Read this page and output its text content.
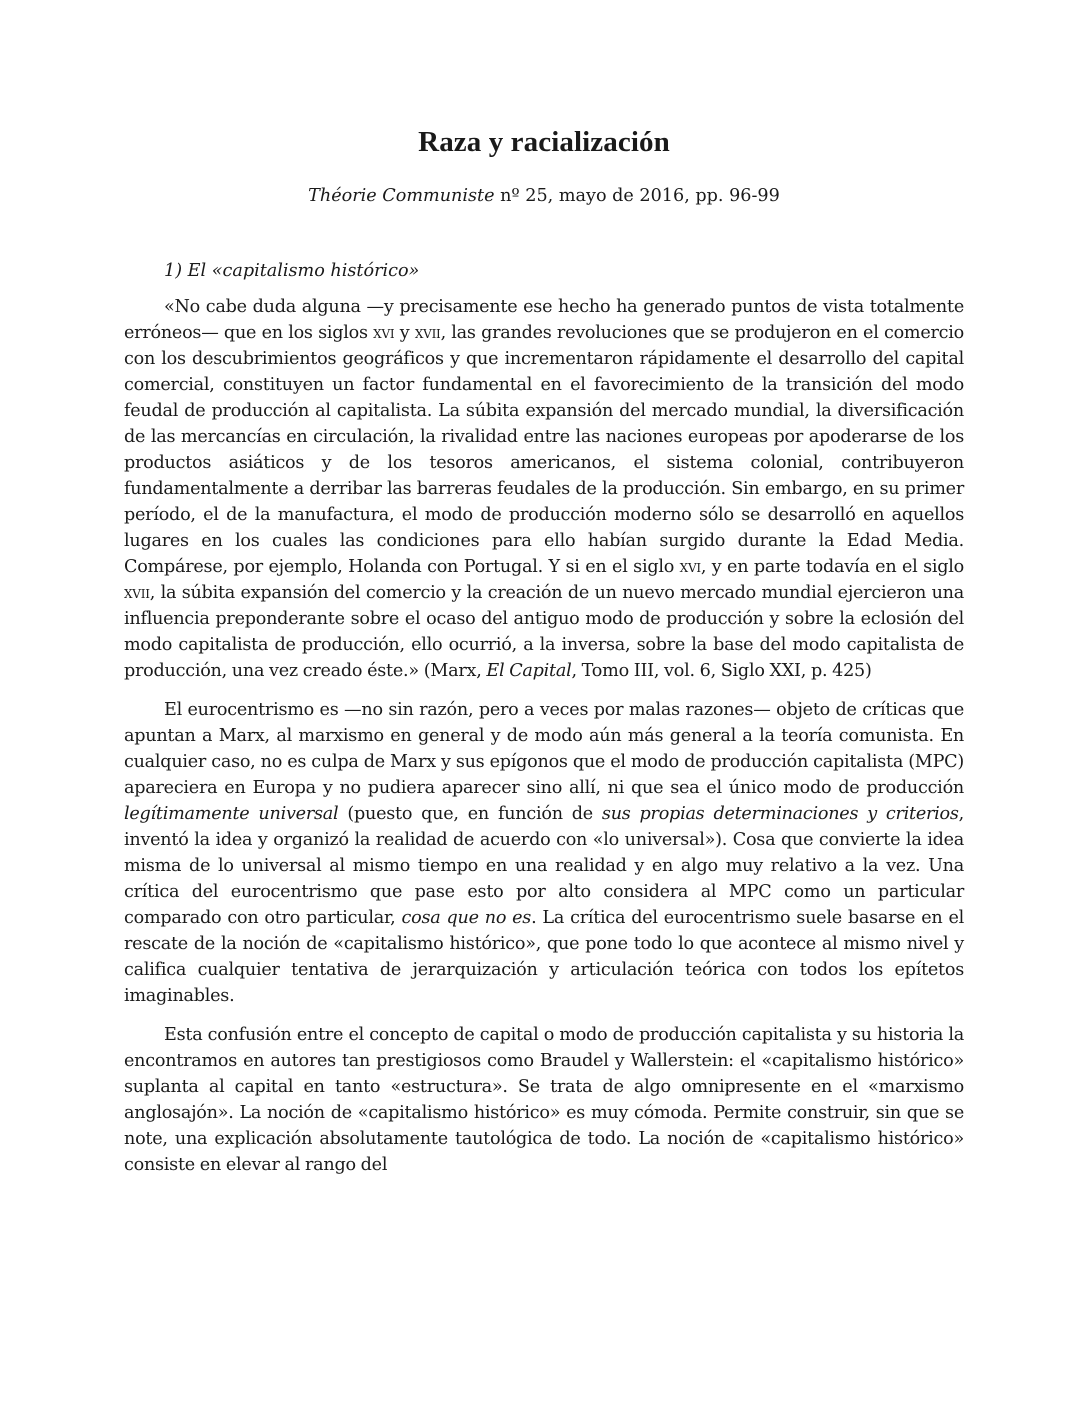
Raza y racialización

Théorie Communiste nº 25, mayo de 2016, pp. 96-99

1) El «capitalismo histórico»

«No cabe duda alguna —y precisamente ese hecho ha generado puntos de vista totalmente erróneos— que en los siglos xvi y xvii, las grandes revoluciones que se produjeron en el comercio con los descubrimientos geográficos y que incrementaron rápidamente el desarrollo del capital comercial, constituyen un factor fundamental en el favorecimiento de la transición del modo feudal de producción al capitalista. La súbita expansión del mercado mundial, la diversificación de las mercancías en circulación, la rivalidad entre las naciones europeas por apoderarse de los productos asiáticos y de los tesoros americanos, el sistema colonial, contribuyeron fundamentalmente a derribar las barreras feudales de la producción. Sin embargo, en su primer período, el de la manufactura, el modo de producción moderno sólo se desarrolló en aquellos lugares en los cuales las condiciones para ello habían surgido durante la Edad Media. Compárese, por ejemplo, Holanda con Portugal. Y si en el siglo xvi, y en parte todavía en el siglo xvii, la súbita expansión del comercio y la creación de un nuevo mercado mundial ejercieron una influencia preponderante sobre el ocaso del antiguo modo de producción y sobre la eclosión del modo capitalista de producción, ello ocurrió, a la inversa, sobre la base del modo capitalista de producción, una vez creado éste.» (Marx, El Capital, Tomo III, vol. 6, Siglo XXI, p. 425)

El eurocentrismo es —no sin razón, pero a veces por malas razones— objeto de críticas que apuntan a Marx, al marxismo en general y de modo aún más general a la teoría comunista. En cualquier caso, no es culpa de Marx y sus epígonos que el modo de producción capitalista (MPC) apareciera en Europa y no pudiera aparecer sino allí, ni que sea el único modo de producción legítimamente universal (puesto que, en función de sus propias determinaciones y criterios, inventó la idea y organizó la realidad de acuerdo con «lo universal»). Cosa que convierte la idea misma de lo universal al mismo tiempo en una realidad y en algo muy relativo a la vez. Una crítica del eurocentrismo que pase esto por alto considera al MPC como un particular comparado con otro particular, cosa que no es. La crítica del eurocentrismo suele basarse en el rescate de la noción de «capitalismo histórico», que pone todo lo que acontece al mismo nivel y califica cualquier tentativa de jerarquización y articulación teórica con todos los epítetos imaginables.

Esta confusión entre el concepto de capital o modo de producción capitalista y su historia la encontramos en autores tan prestigiosos como Braudel y Wallerstein: el «capitalismo histórico» suplanta al capital en tanto «estructura». Se trata de algo omnipresente en el «marxismo anglosajón». La noción de «capitalismo histórico» es muy cómoda. Permite construir, sin que se note, una explicación absolutamente tautológica de todo. La noción de «capitalismo histórico» consiste en elevar al rango del
